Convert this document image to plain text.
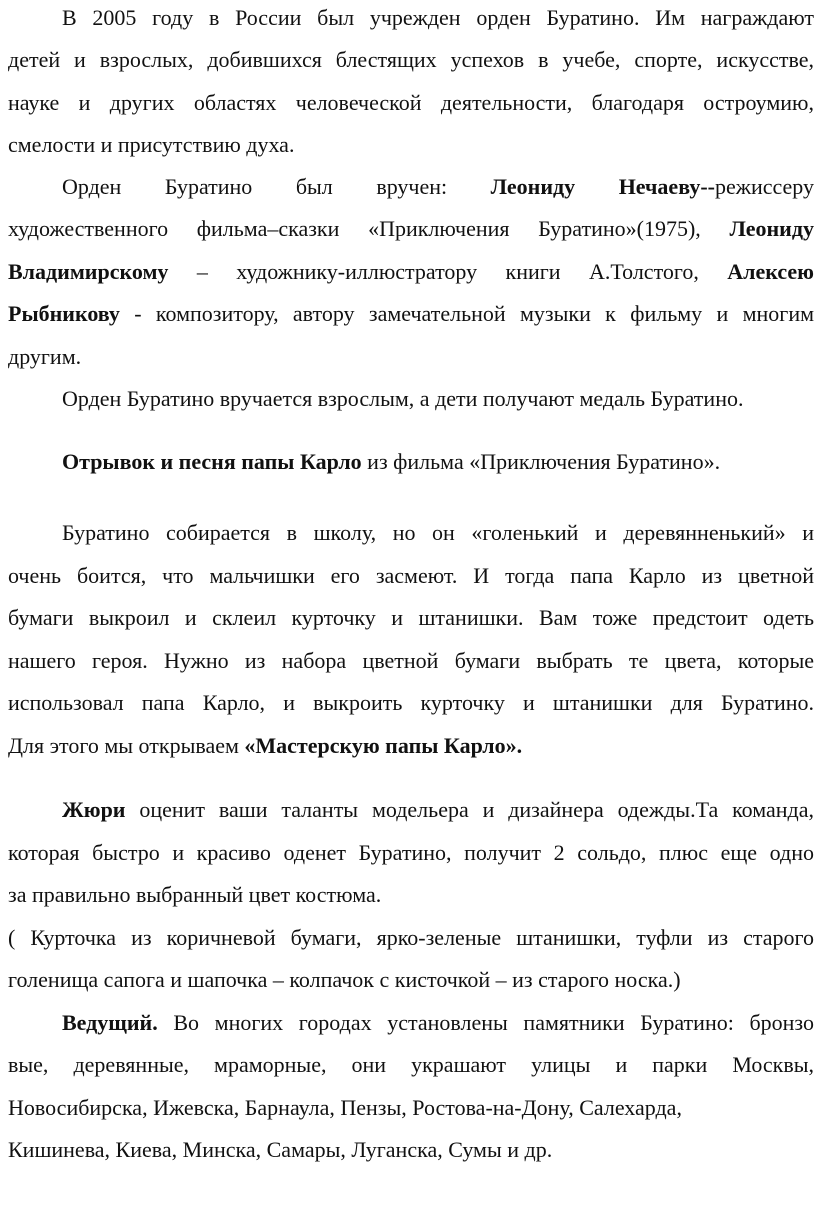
В 2005 году в России был учрежден орден Буратино. Им награждают
детей и взрослых, добившихся блестящих успехов в учебе, спорте, искусстве,
науке и других областях человеческой деятельности, благодаря остроумию,
смелости и присутствию духа.
Орден Буратино был вручен: Леониду Нечаеву--режиссеру
художественного фильма–сказки «Приключения Буратино»(1975), Леониду
Владимирскому – художнику-иллюстратору книги А.Толстого, Алексею
Рыбникову - композитору, автору замечательной музыки к фильму и многим
другим.
Орден Буратино вручается взрослым, а дети получают медаль Буратино.
Отрывок и песня папы Карло из фильма «Приключения Буратино».
Буратино собирается в школу, но он «голенький и деревянненький» и
очень боится, что мальчишки его засмеют. И тогда папа Карло из цветной
бумаги выкроил и склеил курточку и штанишки. Вам тоже предстоит одеть
нашего героя. Нужно из набора цветной бумаги выбрать те цвета, которые
использовал папа Карло, и выкроить курточку и штанишки для Буратино.
Для этого мы открываем «Мастерскую папы Карло».
Жюри оценит ваши таланты модельера и дизайнера одежды.Та команда,
которая быстро и красиво оденет Буратино, получит 2 сольдо, плюс еще одно
за правильно выбранный цвет костюма.
( Курточка из коричневой бумаги, ярко-зеленые штанишки, туфли из старого
голенища сапога и шапочка – колпачок с кисточкой – из старого носка.)
Ведущий. Во многих городах установлены памятники Буратино: бронзо
вые, деревянные, мраморные, они украшают улицы и парки Москвы,
Новосибирска, Ижевска, Барнаула, Пензы, Ростова-на-Дону, Салехарда,
Кишинева, Киева, Минска, Самары, Луганска, Сумы и др.
